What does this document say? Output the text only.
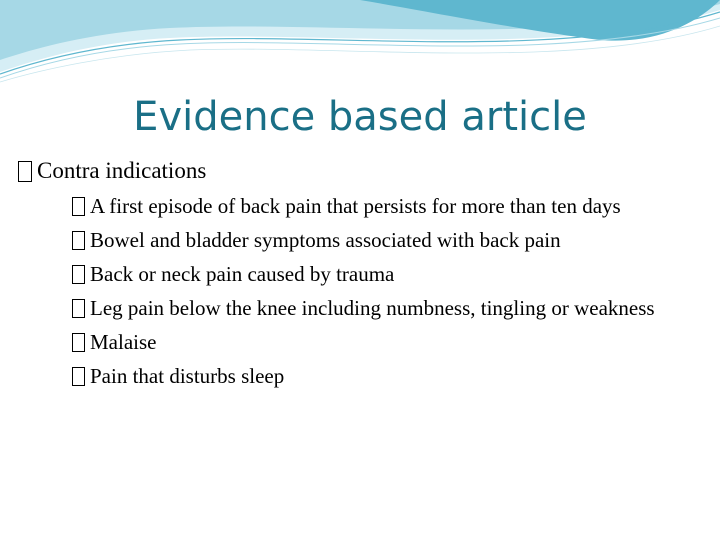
Evidence based article
Contra indications
A first episode of back pain that persists for more than ten days
Bowel and bladder symptoms associated with back pain
Back or neck pain caused by trauma
Leg pain below the knee including numbness, tingling or weakness
Malaise
Pain that disturbs sleep
